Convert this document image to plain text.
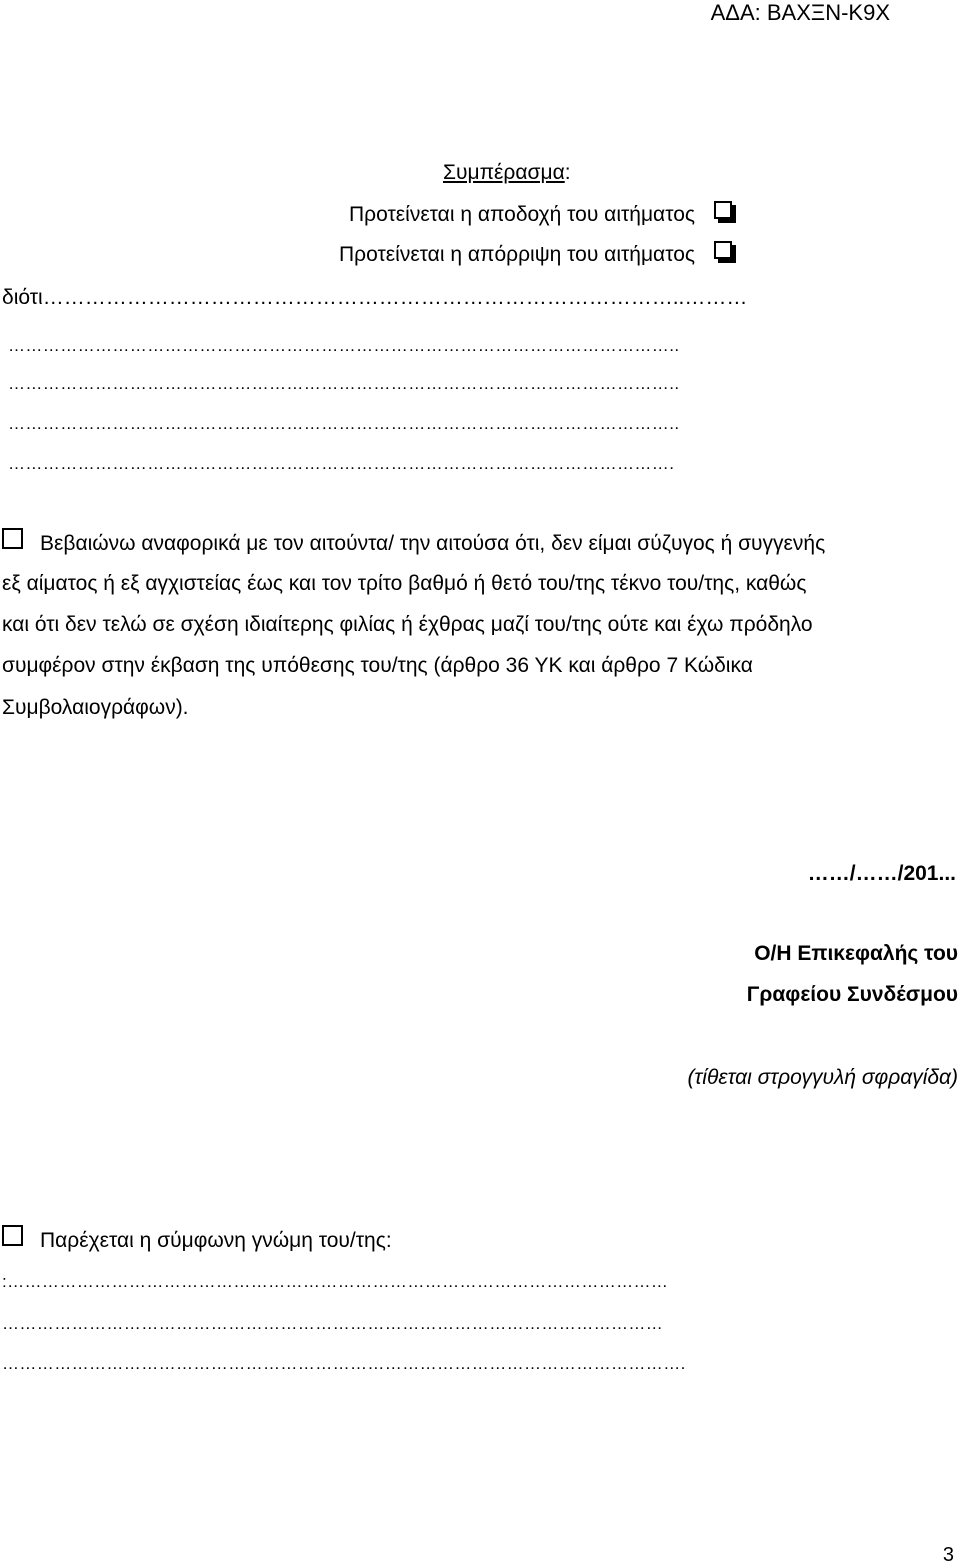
ΑΔΑ: ΒΑΧΞΝ-Κ9Χ
Συμπέρασμα:
Προτείνεται η αποδοχή του αιτήματος
Προτείνεται η απόρριψη του αιτήματος
διότι………………………………………………………………………………..………
……………………………………………………………………………………………………..
……………………………………………………………………………………………………..
……………………………………………………………………………………………………..
…………………………………………………………………………………………………….
Βεβαιώνω αναφορικά με τον αιτούντα/ την αιτούσα ότι, δεν είμαι σύζυγος ή συγγενής
εξ αίματος ή εξ αγχιστείας έως και τον τρίτο βαθμό ή θετό του/της τέκνο του/της, καθώς
και ότι δεν τελώ σε σχέση ιδιαίτερης φιλίας ή έχθρας μαζί του/της ούτε και έχω πρόδηλο
συμφέρον στην έκβαση της υπόθεσης του/της (άρθρο 36 ΥΚ και άρθρο 7 Κώδικα
Συμβολαιογράφων).
……/……/201...
Ο/Η Επικεφαλής του
Γραφείου Συνδέσμου
(τίθεται στρογγυλή σφραγίδα)
Παρέχεται η σύμφωνη γνώμη του/της:
:……………………………………………………………………………………………………
……………………………………………………………………………………………………
……………………………………………………………………………………………………….
3
